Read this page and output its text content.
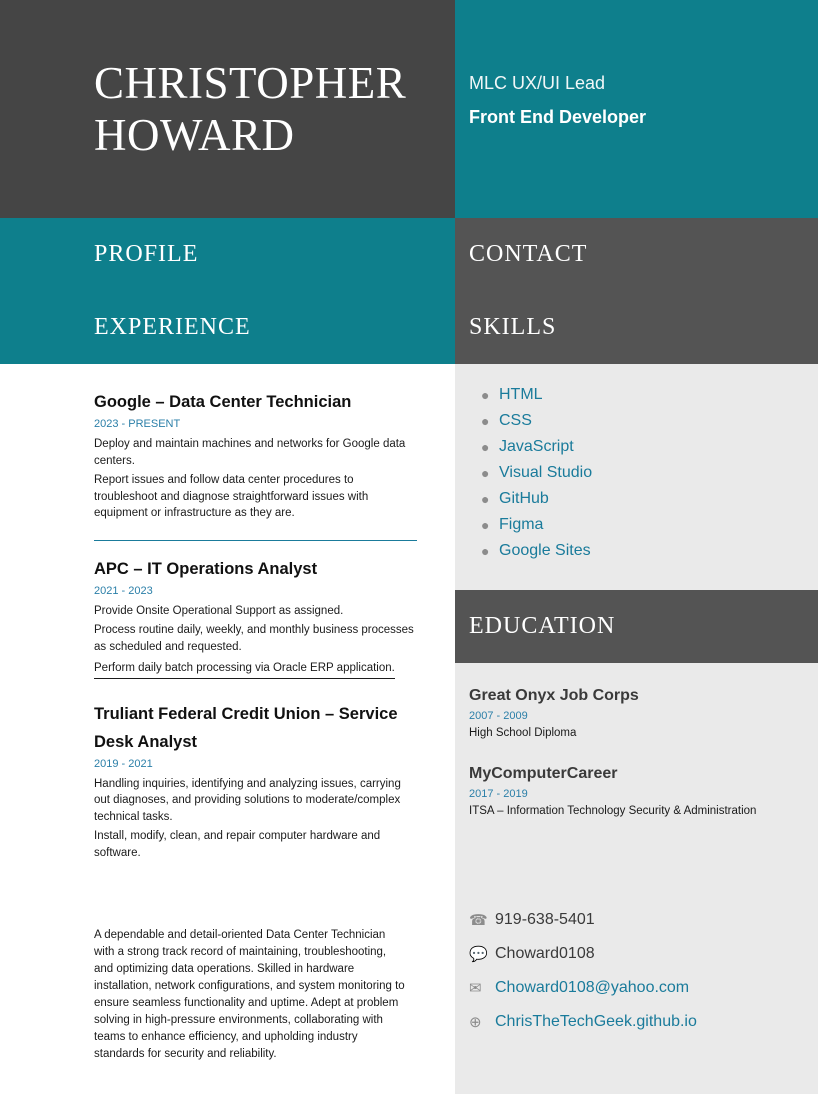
CHRISTOPHER
HOWARD
MLC UX/UI Lead
Front End Developer
PROFILE	CONTACT

A dependable and detail-oriented Data Center Technician with a strong track record of maintaining, troubleshooting, and optimizing data operations. Skilled in hardware installation, network configurations, and system monitoring to ensure seamless functionality and uptime. Adept at problem solving in high-pressure environments, collaborating with teams to enhance efficiency, and upholding industry standards for security and reliability.

☎ 919-638-5401
💬 Choward0108
✉ Choward0108@yahoo.com
⊕ ChrisTheTechGeek.github.io
EXPERIENCE	SKILLS
Google – Data Center Technician
2023 - PRESENT
Deploy and maintain machines and networks for Google data centers.
Report issues and follow data center procedures to troubleshoot and diagnose straightforward issues with equipment or infrastructure as they are.
APC – IT Operations Analyst
2021 - 2023
Provide Onsite Operational Support as assigned.
Process routine daily, weekly, and monthly business processes as scheduled and requested.
Perform daily batch processing via Oracle ERP application.
Truliant Federal Credit Union – Service Desk Analyst
2019 - 2021
Handling inquiries, identifying and analyzing issues, carrying out diagnoses, and providing solutions to moderate/complex technical tasks.
Install, modify, clean, and repair computer hardware and software.
● HTML
● CSS
● JavaScript
● Visual Studio
● GitHub
● Figma
● Google Sites
EDUCATION
Great Onyx Job Corps
2007 - 2009
High School Diploma
MyComputerCareer
2017 - 2019
ITSA – Information Technology Security & Administration
